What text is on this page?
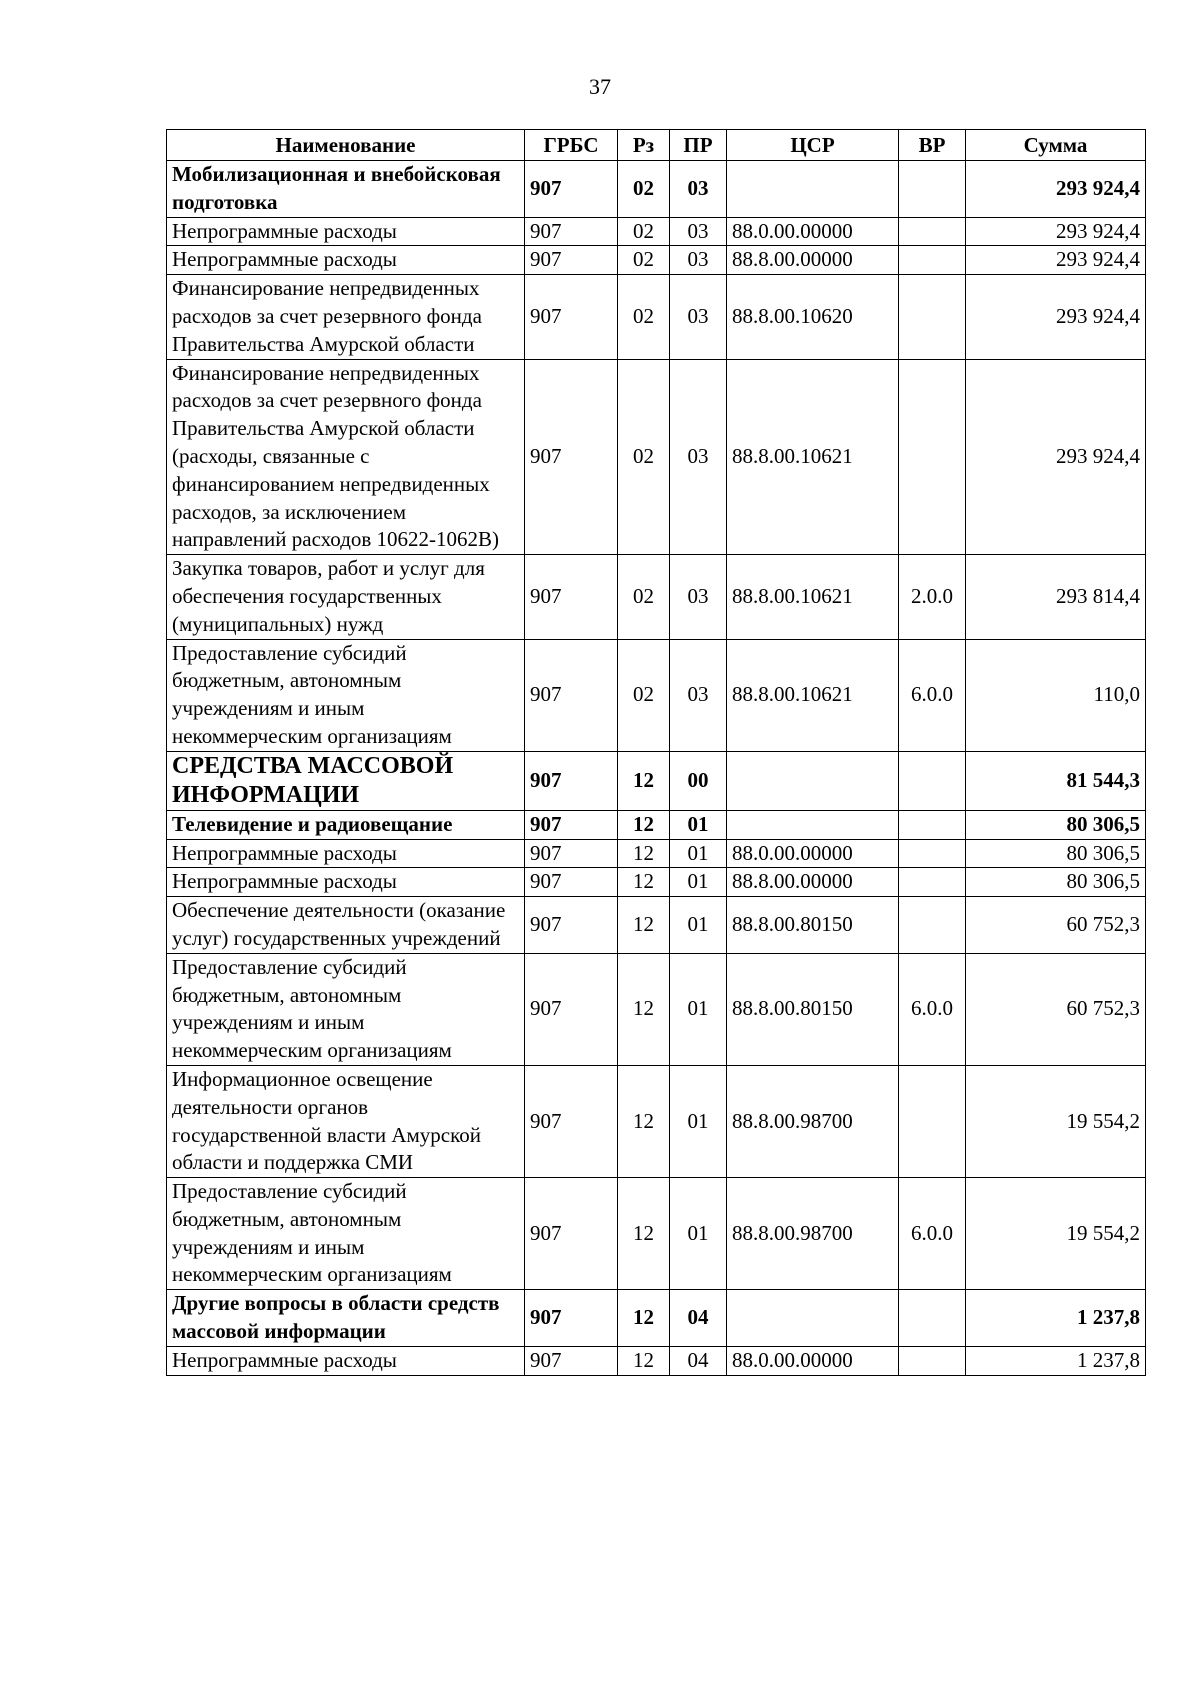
37
Наименование	ГРБС	Рз	ПР	ЦСР	ВР	Сумма
Мобилизационная и внебойсковая подготовка	907	02	03			293 924,4
Непрограммные расходы	907	02	03	88.0.00.00000		293 924,4
Непрограммные расходы	907	02	03	88.8.00.00000		293 924,4
Финансирование непредвиденных расходов за счет резервного фонда Правительства Амурской области	907	02	03	88.8.00.10620		293 924,4
Финансирование непредвиденных расходов за счет резервного фонда Правительства Амурской области (расходы, связанные с финансированием непредвиденных расходов, за исключением направлений расходов 10622-1062В)	907	02	03	88.8.00.10621		293 924,4
Закупка товаров, работ и услуг для обеспечения государственных (муниципальных) нужд	907	02	03	88.8.00.10621	2.0.0	293 814,4
Предоставление субсидий бюджетным, автономным учреждениям и иным некоммерческим организациям	907	02	03	88.8.00.10621	6.0.0	110,0
СРЕДСТВА МАССОВОЙ ИНФОРМАЦИИ	907	12	00			81 544,3
Телевидение и радиовещание	907	12	01			80 306,5
Непрограммные расходы	907	12	01	88.0.00.00000		80 306,5
Непрограммные расходы	907	12	01	88.8.00.00000		80 306,5
Обеспечение деятельности (оказание услуг) государственных учреждений	907	12	01	88.8.00.80150		60 752,3
Предоставление субсидий бюджетным, автономным учреждениям и иным некоммерческим организациям	907	12	01	88.8.00.80150	6.0.0	60 752,3
Информационное освещение деятельности органов государственной власти Амурской области и поддержка СМИ	907	12	01	88.8.00.98700		19 554,2
Предоставление субсидий бюджетным, автономным учреждениям и иным некоммерческим организациям	907	12	01	88.8.00.98700	6.0.0	19 554,2
Другие вопросы в области средств массовой информации	907	12	04			1 237,8
Непрограммные расходы	907	12	04	88.0.00.00000		1 237,8
